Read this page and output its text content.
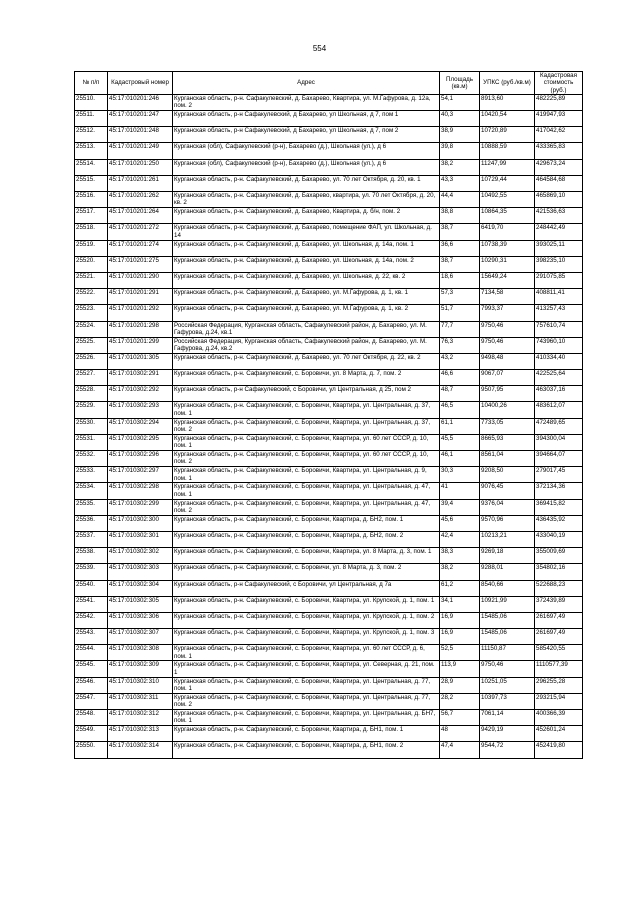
554
№ п/п	Кадастровый номер	Адрес	Площадь (кв.м)	УПКС (руб./кв.м)	Кадастровая стоимость (руб.)
25510.	45:17:010201:246	Курганская область, р-н. Сафакулевский, д. Бахарево, Квартира, ул. М.Гафурова, д. 12а, пом. 2	54,1	8913,60	482225,89
25511.	45:17:010201:247	Курганская область, р-н Сафакулевский, д Бахарево, ул Школьная, д 7, пом 1	40,3	10420,54	419947,93
25512.	45:17:010201:248	Курганская область, р-н Сафакулевский, д Бахарево, ул Школьная, д 7, пом 2	38,9	10720,89	417042,62
25513.	45:17:010201:249	Курганская (обл), Сафакулевский (р-н), Бахарево (д.), Школьная (ул.), д 6	39,8	10888,59	433365,83
25514.	45:17:010201:250	Курганская (обл), Сафакулевский (р-н), Бахарево (д.), Школьная (ул.), д 6	38,2	11247,99	429673,24
25515.	45:17:010201:261	Курганская область, р-н. Сафакулевский, д. Бахарево, ул. 70 лет Октября, д. 20, кв. 1	43,3	10729,44	464584,68
25516.	45:17:010201:262	Курганская область, р-н. Сафакулевский, д. Бахарево, квартира, ул. 70 лет Октября, д. 20, кв. 2	44,4	10492,55	465869,10
25517.	45:17:010201:264	Курганская область, р-н. Сафакулевский, д. Бахарево, Квартира, д. б/н, пом. 2	38,8	10864,35	421536,63
25518.	45:17:010201:272	Курганская область, р-н. Сафакулевский, д. Бахарево, помещение ФАП, ул. Школьная, д. 14	38,7	6419,70	248442,49
25519.	45:17:010201:274	Курганская область, р-н. Сафакулевский, д. Бахарево, ул. Школьная, д. 14а, пом. 1	36,6	10738,39	393025,11
25520.	45:17:010201:275	Курганская область, р-н. Сафакулевский, д. Бахарево, ул. Школьная, д. 14а, пом. 2	38,7	10290,31	398235,10
25521.	45:17:010201:290	Курганская область, р-н. Сафакулевский, д. Бахарево, ул. Школьная, д. 22, кв. 2	18,6	15649,24	291075,85
25522.	45:17:010201:291	Курганская область, р-н. Сафакулевский, д. Бахарево, ул. М.Гафурова, д. 1, кв. 1	57,3	7134,58	408811,41
25523.	45:17:010201:292	Курганская область, р-н. Сафакулевский, д. Бахарево, ул. М.Гафурова, д. 1, кв. 2	51,7	7993,37	413257,43
25524.	45:17:010201:298	Российская Федерация, Курганская область, Сафакулевский район, д. Бахарево, ул. М. Гафурова, д.24, кв.1	77,7	9750,46	757610,74
25525.	45:17:010201:299	Российская Федерация, Курганская область, Сафакулевский район, д. Бахарево, ул. М. Гафурова, д.24, кв.2	76,3	9750,46	743960,10
25526.	45:17:010201:305	Курганская область, р-н. Сафакулевский, д. Бахарево, ул. 70 лет Октября, д. 22, кв. 2	43,2	9498,48	410334,40
25527.	45:17:010302:291	Курганская область, р-н. Сафакулевский, с. Боровичи, ул. 8 Марта, д. 7, пом. 2	46,6	9067,07	422525,64
25528.	45:17:010302:292	Курганская область, р-н Сафакулевский, с Боровичи, ул Центральная, д 25, пом 2	48,7	9507,95	463037,16
25529.	45:17:010302:293	Курганская область, р-н. Сафакулевский, с. Боровичи, Квартира, ул. Центральная, д. 37, пом. 1	46,5	10400,26	483612,07
25530.	45:17:010302:294	Курганская область, р-н. Сафакулевский, с. Боровичи, Квартира, ул. Центральная, д. 37, пом. 2	61,1	7733,05	472489,65
25531.	45:17:010302:295	Курганская область, р-н. Сафакулевский, с. Боровичи, Квартира, ул. 60 лет СССР, д. 10, пом. 1	45,5	8665,93	394300,04
25532.	45:17:010302:296	Курганская область, р-н. Сафакулевский, с. Боровичи, Квартира, ул. 60 лет СССР, д. 10, пом. 2	46,1	8561,04	394664,07
25533.	45:17:010302:297	Курганская область, р-н. Сафакулевский, с. Боровичи, Квартира, ул. Центральная, д. 9, пом. 1	30,3	9208,50	279017,45
25534.	45:17:010302:298	Курганская область, р-н. Сафакулевский, с. Боровичи, Квартира, ул. Центральная, д. 47, пом. 1	41	9076,45	372134,36
25535.	45:17:010302:299	Курганская область, р-н. Сафакулевский, с. Боровичи, Квартира, ул. Центральная, д. 47, пом. 2	39,4	9376,04	369415,82
25536.	45:17:010302:300	Курганская область, р-н. Сафакулевский, с. Боровичи, Квартира, д. БН2, пом. 1	45,6	9570,96	436435,92
25537.	45:17:010302:301	Курганская область, р-н. Сафакулевский, с. Боровичи, Квартира, д. БН2, пом. 2	42,4	10213,21	433040,19
25538.	45:17:010302:302	Курганская область, р-н. Сафакулевский, с. Боровичи, Квартира, ул. 8 Марта, д. 3, пом. 1	38,3	9269,18	355009,69
25539.	45:17:010302:303	Курганская область, р-н. Сафакулевский, с. Боровичи, ул. 8 Марта, д. 3, пом. 2	38,2	9288,01	354802,16
25540.	45:17:010302:304	Курганская область, р-н Сафакулевский, с Боровичи, ул Центральная, д 7а	61,2	8540,66	522688,23
25541.	45:17:010302:305	Курганская область, р-н. Сафакулевский, с. Боровичи, Квартира, ул. Крупской, д. 1, пом. 1	34,1	10921,99	372439,89
25542.	45:17:010302:306	Курганская область, р-н. Сафакулевский, с. Боровичи, Квартира, ул. Крупской, д. 1, пом. 2	16,9	15485,06	261697,49
25543.	45:17:010302:307	Курганская область, р-н. Сафакулевский, с. Боровичи, Квартира, ул. Крупской, д. 1, пом. 3	16,9	15485,06	261697,49
25544.	45:17:010302:308	Курганская область, р-н. Сафакулевский, с. Боровичи, Квартира, ул. 60 лет СССР, д. 6, пом. 1	52,5	11150,87	585420,55
25545.	45:17:010302:309	Курганская область, р-н. Сафакулевский, с. Боровичи, Квартира, ул. Северная, д. 21, пом. 1	113,9	9750,46	1110577,39
25546.	45:17:010302:310	Курганская область, р-н. Сафакулевский, с. Боровичи, Квартира, ул. Центральная, д. 77, пом. 1	28,9	10251,05	296255,28
25547.	45:17:010302:311	Курганская область, р-н. Сафакулевский, с. Боровичи, Квартира, ул. Центральная, д. 77, пом. 2	28,2	10397,73	293215,94
25548.	45:17:010302:312	Курганская область, р-н. Сафакулевский, с. Боровичи, Квартира, ул. Центральная, д. БН7, пом. 1	56,7	7061,14	400366,39
25549.	45:17:010302:313	Курганская область, р-н. Сафакулевский, с. Боровичи, Квартира, д. БН1, пом. 1	48	9429,19	452601,24
25550.	45:17:010302:314	Курганская область, р-н. Сафакулевский, с. Боровичи, Квартира, д. БН1, пом. 2	47,4	9544,72	452419,80
